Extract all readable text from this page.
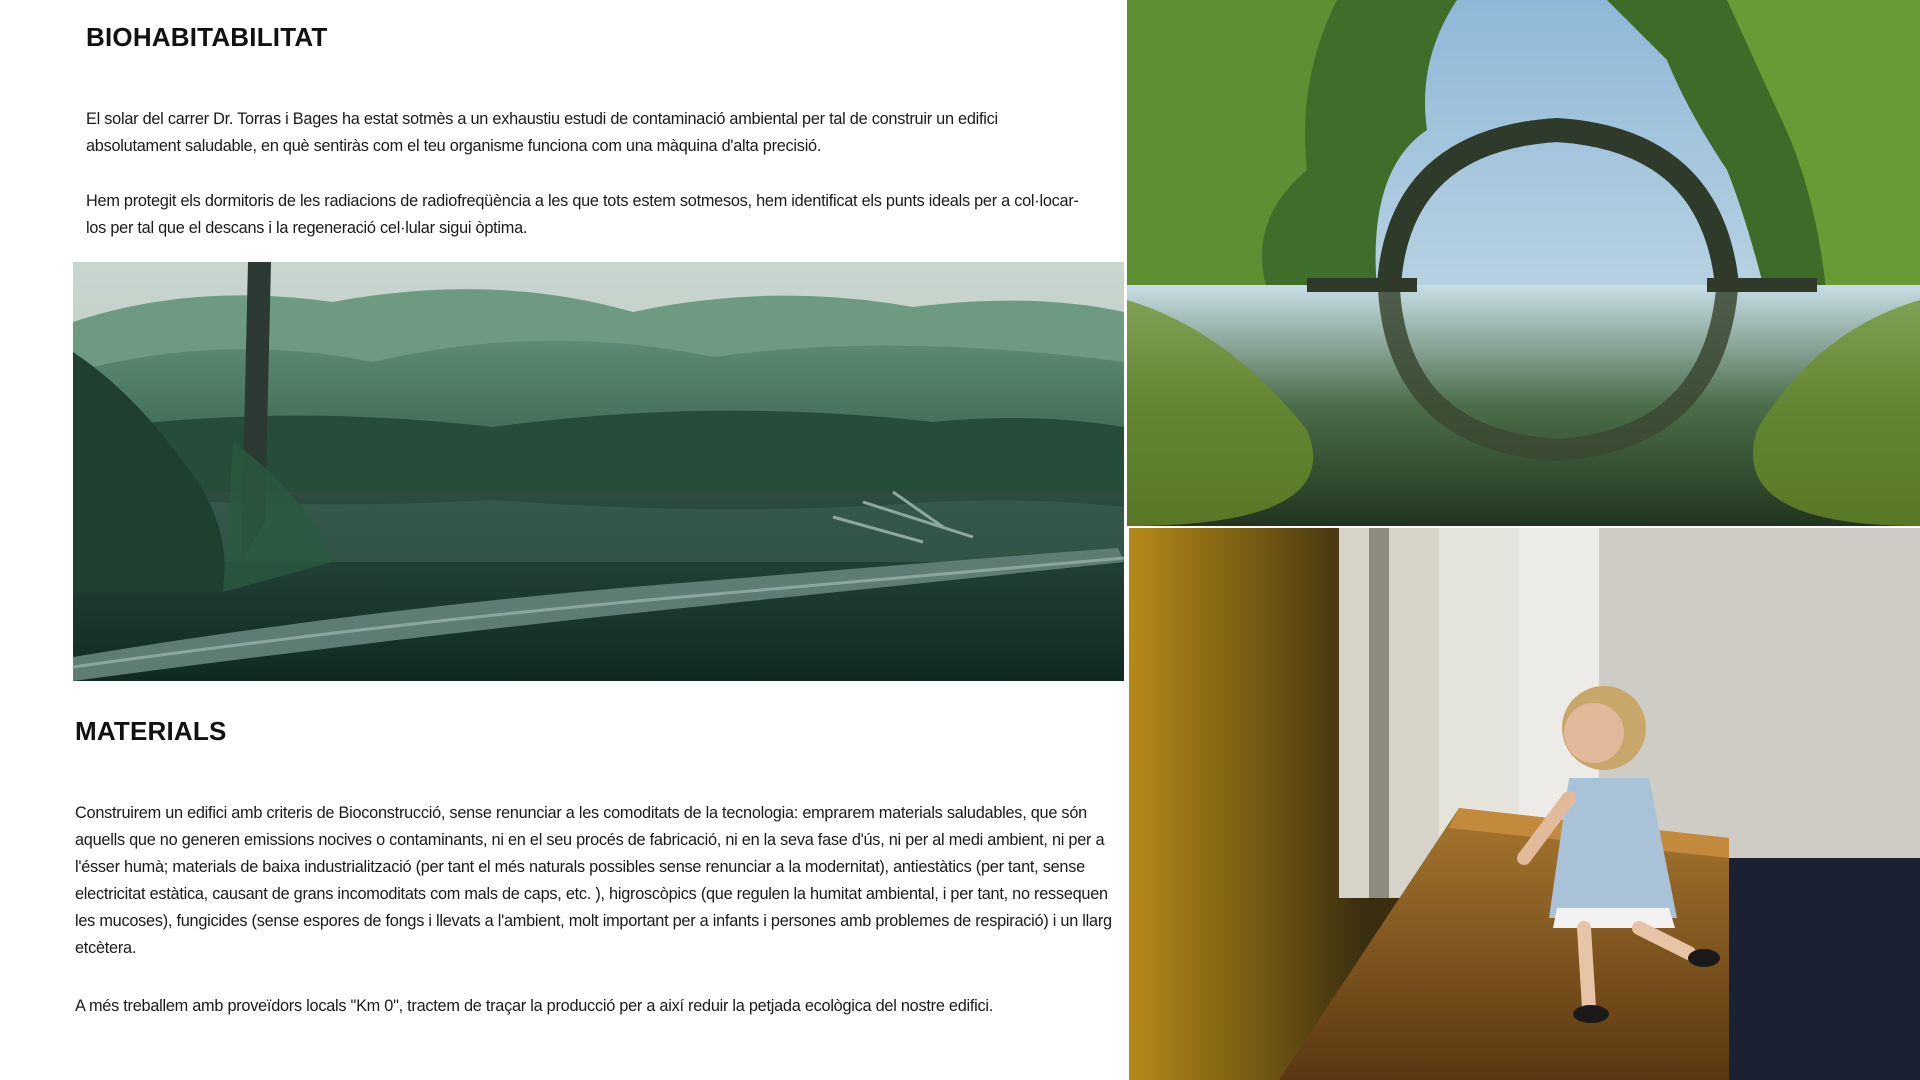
BIOHABITABILITAT

El solar del carrer Dr. Torras i Bages ha estat sotmès a un exhaustiu estudi de contaminació ambiental per tal de construir un edifici absolutament saludable, en què sentiràs com el teu organisme funciona com una màquina d'alta precisió.

Hem protegit els dormitoris de les radiacions de radiofreqüència a les que tots estem sotmesos, hem identificat els punts ideals per a col·locar-los per tal que el descans i la regeneració cel·lular sigui òptima.

MATERIALS

Construirem un edifici amb criteris de Bioconstrucció, sense renunciar a les comoditats de la tecnologia: emprarem materials saludables, que són aquells que no generen emissions nocives o contaminants, ni en el seu procés de fabricació, ni en la seva fase d'ús, ni per al medi ambient, ni per a l'ésser humà; materials de baixa industrialització (per tant el més naturals possibles sense renunciar a la modernitat), antiestàtics (per tant, sense electricitat estàtica, causant de grans incomoditats com mals de caps, etc. ), higroscòpics (que regulen la humitat ambiental, i per tant, no ressequen les mucoses), fungicides (sense espores de fongs i llevats a l'ambient, molt important per a infants i persones amb problemes de respiració) i un llarg etcètera.

A més treballem amb proveïdors locals "Km 0", tractem de traçar la producció per a així reduir la petjada ecològica del nostre edifici.
